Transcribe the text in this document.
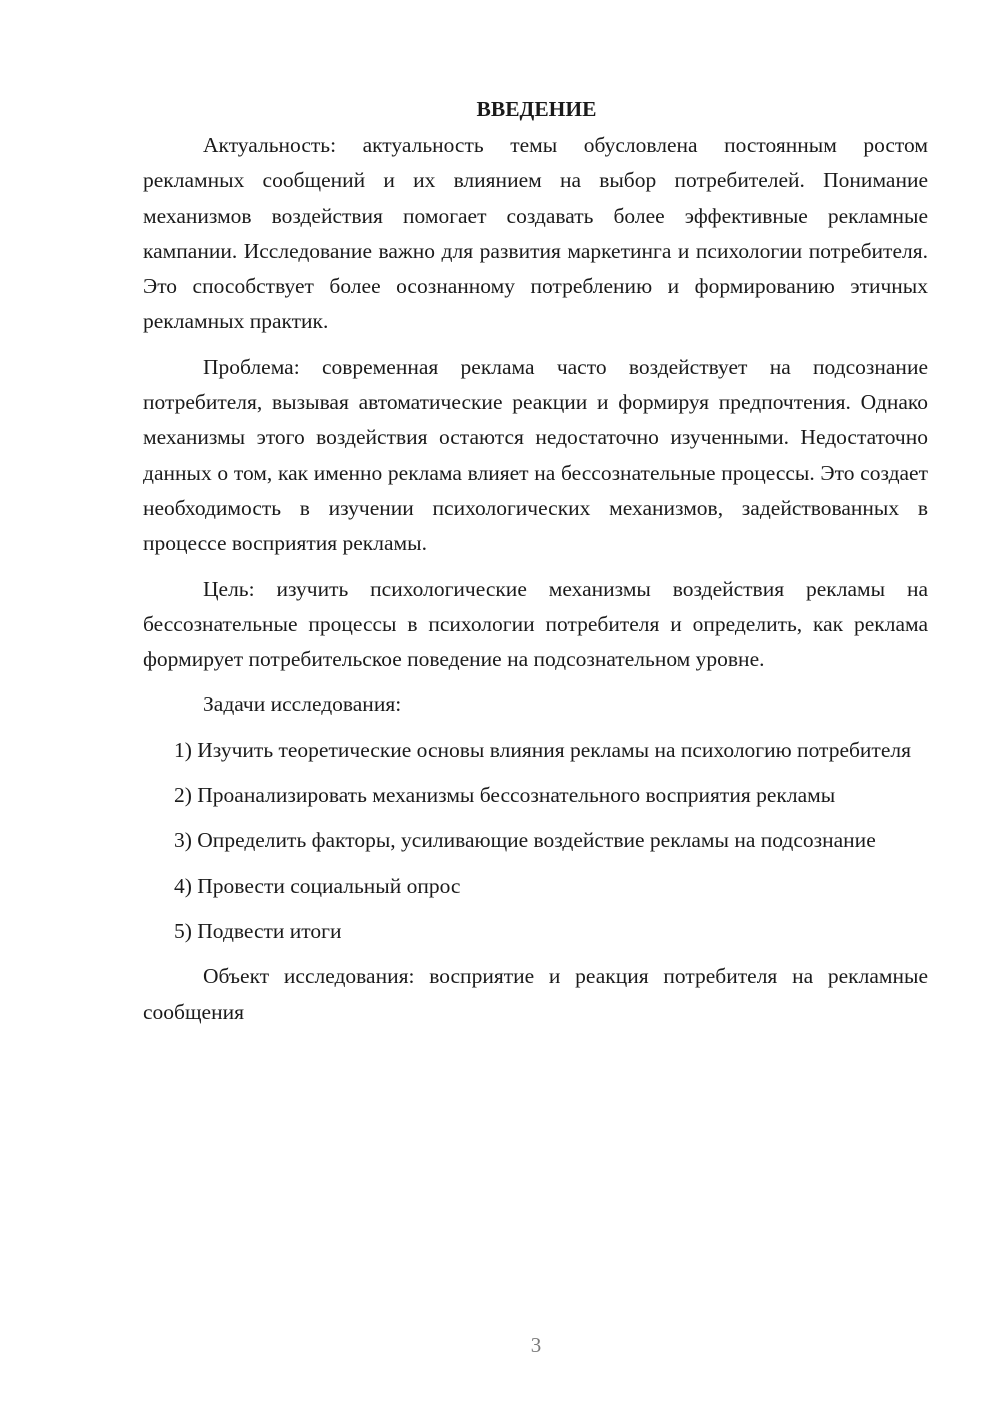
ВВЕДЕНИЕ

Актуальность: актуальность темы обусловлена постоянным ростом рекламных сообщений и их влиянием на выбор потребителей. Понимание механизмов воздействия помогает создавать более эффективные рекламные кампании. Исследование важно для развития маркетинга и психологии потребителя. Это способствует более осознанному потреблению и формированию этичных рекламных практик.

Проблема: современная реклама часто воздействует на подсознание потребителя, вызывая автоматические реакции и формируя предпочтения. Однако механизмы этого воздействия остаются недостаточно изученными. Недостаточно данных о том, как именно реклама влияет на бессознательные процессы. Это создает необходимость в изучении психологических механизмов, задействованных в процессе восприятия рекламы.

Цель: изучить психологические механизмы воздействия рекламы на бессознательные процессы в психологии потребителя и определить, как реклама формирует потребительское поведение на подсознательном уровне.

Задачи исследования:

1) Изучить теоретические основы влияния рекламы на психологию потребителя

2) Проанализировать механизмы бессознательного восприятия рекламы

3) Определить факторы, усиливающие воздействие рекламы на подсознание

4) Провести социальный опрос

5) Подвести итоги

Объект исследования: восприятие и реакция потребителя на рекламные сообщения

3
